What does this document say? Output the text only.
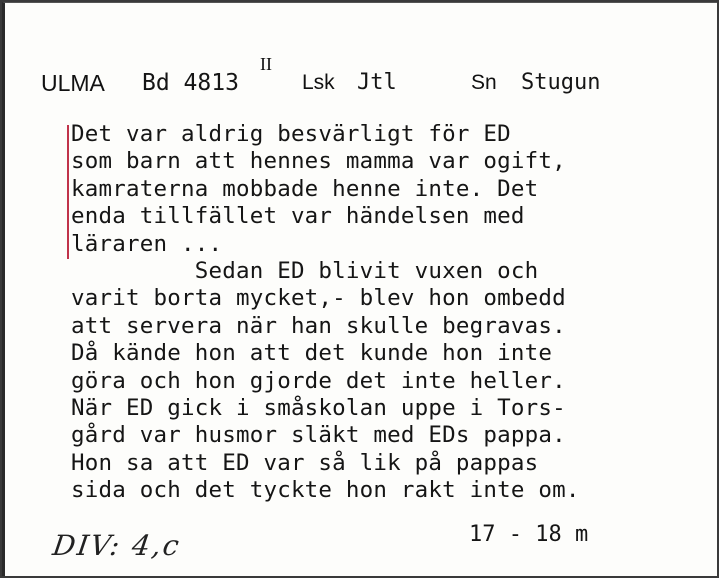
ULMA Bd 4813
II
Lsk Jtl	Sn Stugun
Det var aldrig besvärligt för ED
som barn att hennes mamma var ogift,
kamraterna mobbade henne inte. Det
enda tillfället var händelsen med
läraren ...
Sedan ED blivit vuxen och
varit borta mycket,- blev hon ombedd
att servera när han skulle begravas.
Då kände hon att det kunde hon inte
göra och hon gjorde det inte heller.
När ED gick i småskolan uppe i Tors-
gård var husmor släkt med EDs pappa.
Hon sa att ED var så lik på pappas
sida och det tyckte hon rakt inte om.
17 - 18 m
DIV: 4,c
